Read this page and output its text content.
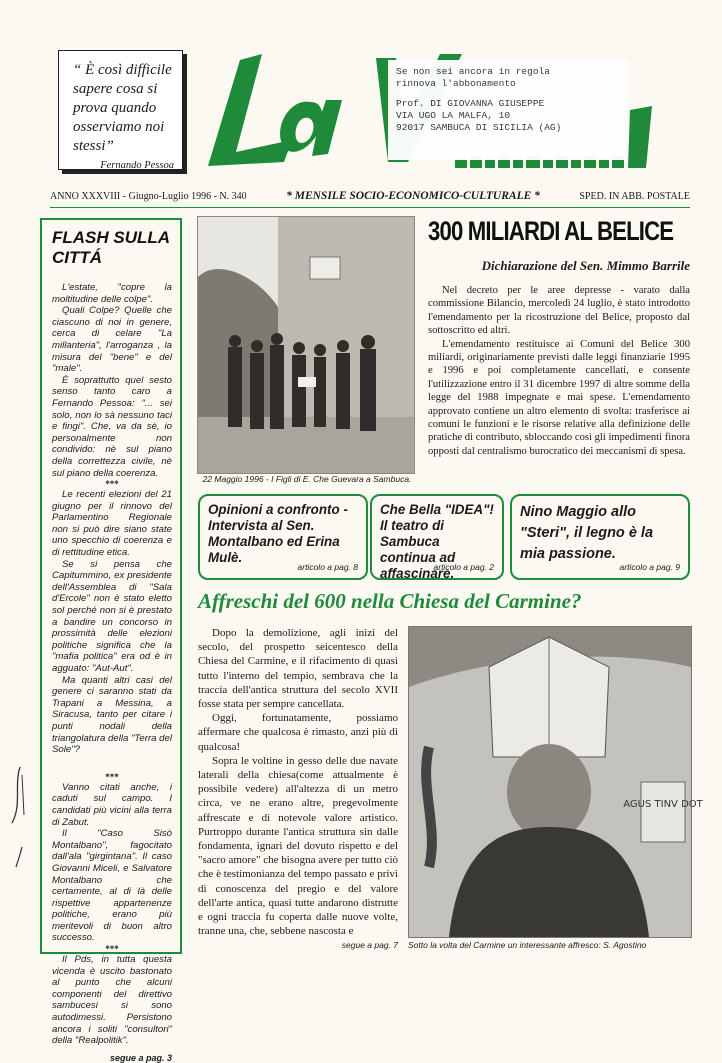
“ È così difficile sapere cosa si prova quando osserviamo noi stessi”
Fernando Pessoa
Se non sei ancora in regola
rinnova l'abbonamento
Prof. DI GIOVANNA GIUSEPPE
VIA UGO LA MALFA, 10
92017 SAMBUCA DI SICILIA (AG)
ANNO XXXVIII - Giugno-Luglio 1996 - N. 340	* MENSILE SOCIO-ECONOMICO-CULTURALE *	SPED. IN ABB. POSTALE
FLASH SULLA CITTÁ

L'estate, "copre la moltitudine delle colpe".

Quali Colpe? Quelle che ciascuno di noi in genere, cerca di celare "La millanteria", l'arroganza , la misura del "bene" e del "male".

È soprattutto quel sesto senso tanto caro a Fernando Pessoa: "... sei solo, non lo sà nessuno taci e fingi". Che, va da sè, io personalmente non condivido: nè sul piano della correttezza civile, nè sul piano della coerenza.

***

Le recenti elezioni del 21 giugno per il rinnovo del Parlamentino Regionale non si può dire siano state uno specchio di coerenza e di rettitudine etica.

Se si pensa che Capitummino, ex presidente dell'Assemblea di "Sala d'Ercole" non è stato eletto sol perché non si è prestato a bandire un concorso in prossimità delle elezioni politiche significa che la "mafia politica" era od è in agguato: "Aut-Aut".

Ma quanti altri casi del genere ci saranno stati da Trapani a Messina, a Siracusa, tanto per citare i punti nodali della triangolatura della "Terra del Sole"?

***

Vanno citati anche, i caduti sul campo. I candidati più vicini alla terra di Zabut.

Il "Caso Sisò Montalbano", fagocitato dall'ala "girgintana". Il caso Giovanni Miceli, e Salvatore Montalbano che certamente, al di là delle rispettive appartenenze politiche, erano più meritevoli di buon altro successo.

***

Il Pds, in tutta questa vicenda è uscito bastonato al punto che alcuni componenti del direttivo sambucesi si sono autodimessi. Persistono ancora i soliti "consultori" della "Realpolitik".

segue a pag. 3
22 Maggio 1996 - I Figli di E. Che Guevara a Sambuca.
300 MILIARDI AL BELICE
Dichiarazione del Sen. Mimmo Barrile

Nel decreto per le aree depresse - varato dalla commissione Bilancio, mercoledì 24 luglio, è stato introdotto l'emendamento per la ricostruzione del Belice, proposto dal sottoscritto ed altri.

L'emendamento restituisce ai Comuni del Belice 300 miliardi, originariamente previsti dalle leggi finanziarie 1995 e 1996 e poi completamente cancellati, e consente l'utilizzazione entro il 31 dicembre 1997 di altre somme della legge del 1988 impegnate e mai spese. L'emendamento approvato contiene un altro elemento di svolta: trasferisce ai comuni le funzioni e le risorse relative alla definizione delle pratiche di contributo, sbloccando così gli impedimenti finora opposti dal centralismo burocratico dei meccanismi di spesa.

Opinioni a confronto - Intervista al Sen. Montalbano ed Erina Mulè.
articolo a pag. 8
Che Bella "IDEA"! Il teatro di Sambuca continua ad affascinare.
articolo a pag. 2
Nino Maggio allo "Steri", il legno è la mia passione.
articolo a pag. 9
Affreschi del 600 nella Chiesa del Carmine?

Dopo la demolizione, agli inizi del secolo, del prospetto seicentesco della Chiesa del Carmine, e il rifacimento di quasi tutto l'interno del tempio, sembrava che la traccia dell'antica struttura del secolo XVII fosse stata per sempre cancellata.

Oggi, fortunatamente, possiamo affermare che qualcosa è rimasto, anzi più di qualcosa!

Sopra le voltine in gesso delle due navate laterali della chiesa(come attualmente è possibile vedere) all'altezza di un metro circa, ve ne erano altre, pregevolmente affrescate e di notevole valore artistico. Purtroppo durante l'antica struttura sin dalle fondamenta, ignari del dovuto rispetto e del "sacro amore" che bisogna avere per tutto ciò che è testimonianza del tempo passato e privi di conoscenza del pregio e del valore dell'arte antica, quasi tutte andarono distrutte e ogni traccia fu coperta dalle nuove volte, tranne una, che, sebbene nascosta e

segue a pag. 7
AGUS TINV DOT
Sotto la volta del Carmine un interessante affresco: S. Agostino
